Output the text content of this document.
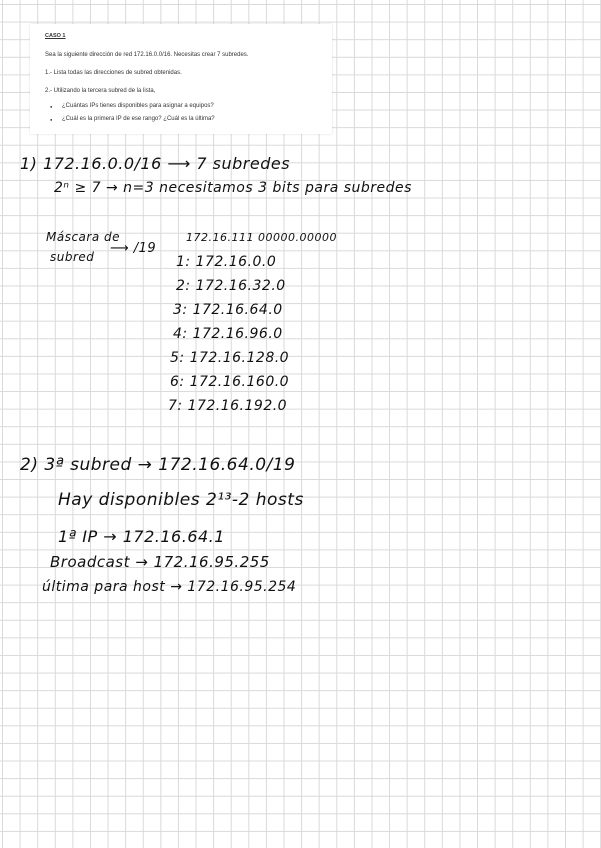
CASO 1
Sea la siguiente dirección de red 172.16.0.0/16. Necesitas crear 7 subredes.
1.- Lista todas las direcciones de subred obtenidas.
2.- Utilizando la tercera subred de la lista,
● ¿Cuántas IPs tienes disponibles para asignar a equipos?
● ¿Cuál es la primera IP de ese rango? ¿Cuál es la última?
1) 172.16.0.0/16 ⟶ 7 subredes
2ⁿ ≥ 7 → n=3 necesitamos 3 bits para subredes
Máscara de
subred
⟶ /19
172.16.111 00000.00000
1: 172.16.0.0
2: 172.16.32.0
3: 172.16.64.0
4: 172.16.96.0
5: 172.16.128.0
6: 172.16.160.0
7: 172.16.192.0
2) 3ª subred → 172.16.64.0/19
Hay disponibles 2¹³-2 hosts
1ª IP → 172.16.64.1
Broadcast → 172.16.95.255
última para host → 172.16.95.254
